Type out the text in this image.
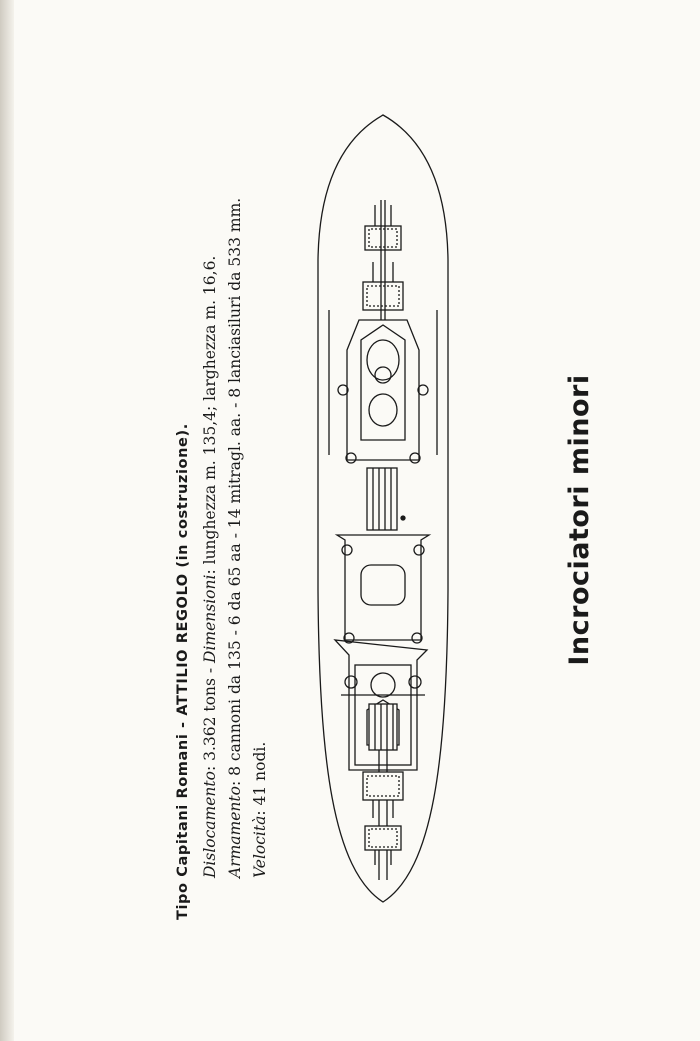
Incrociatori minori
Tipo Capitani Romani - ATTILIO REGOLO (in costruzione).
Dislocamento: 3.362 tons - Dimensioni: lunghezza m. 135,4; larghezza m. 16,6.
Armamento: 8 cannoni da 135 - 6 da 65 aa - 14 mitragl. aa. - 8 lanciasiluri da 533 mm.
Velocità: 41 nodi.
